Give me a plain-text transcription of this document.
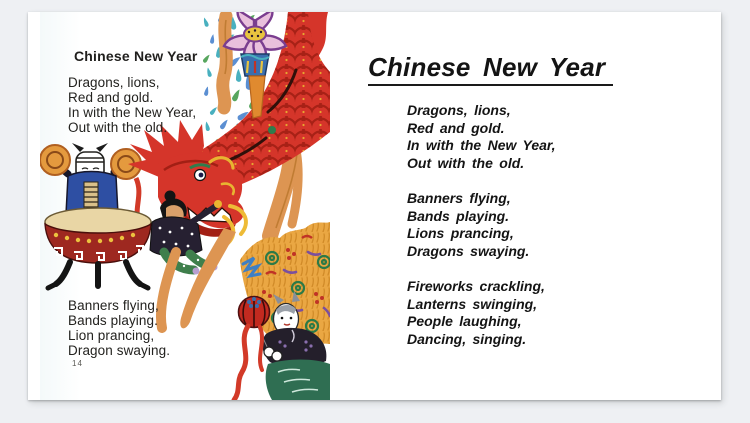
Chinese New Year
Dragons, lions,
Red and gold.
In with the New Year,
Out with the old.
Banners flying,
Bands playing.
Lion prancing,
Dragon swaying.
14
Chinese New Year
Dragons, lions,
Red and gold.
In with the New Year,
Out with the old.
Banners flying,
Bands playing.
Lions prancing,
Dragons swaying.
Fireworks crackling,
Lanterns swinging,
People laughing,
Dancing, singing.
